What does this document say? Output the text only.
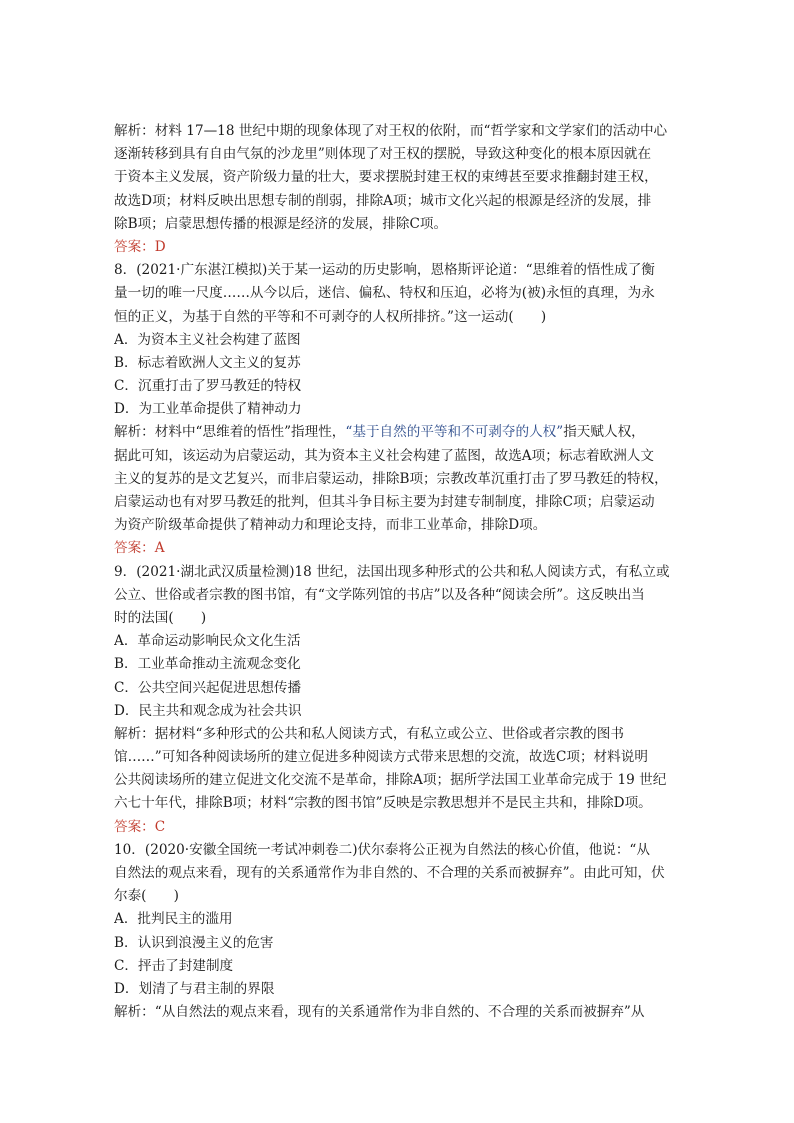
解析：材料 17—18 世纪中期的现象体现了对王权的依附，而“哲学家和文学家们的活动中心
逐渐转移到具有自由气氛的沙龙里”则体现了对王权的摆脱，导致这种变化的根本原因就在
于资本主义发展，资产阶级力量的壮大，要求摆脱封建王权的束缚甚至要求推翻封建王权，
故选D项；材料反映出思想专制的削弱，排除A项；城市文化兴起的根源是经济的发展，排
除B项；启蒙思想传播的根源是经济的发展，排除C项。
答案：D
8．(2021·广东湛江模拟)关于某一运动的历史影响，恩格斯评论道：“思维着的悟性成了衡
量一切的唯一尺度……从今以后，迷信、偏私、特权和压迫，必将为(被)永恒的真理，为永
恒的正义，为基于自然的平等和不可剥夺的人权所排挤。”这一运动(　　)
A．为资本主义社会构建了蓝图
B．标志着欧洲人文主义的复苏
C．沉重打击了罗马教廷的特权
D．为工业革命提供了精神动力
解析：材料中“思维着的悟性”指理性，“基于自然的平等和不可剥夺的人权”指天赋人权，
据此可知，该运动为启蒙运动，其为资本主义社会构建了蓝图，故选A项；标志着欧洲人文
主义的复苏的是文艺复兴，而非启蒙运动，排除B项；宗教改革沉重打击了罗马教廷的特权，
启蒙运动也有对罗马教廷的批判，但其斗争目标主要为封建专制制度，排除C项；启蒙运动
为资产阶级革命提供了精神动力和理论支持，而非工业革命，排除D项。
答案：A
9．(2021·湖北武汉质量检测)18 世纪，法国出现多种形式的公共和私人阅读方式，有私立或
公立、世俗或者宗教的图书馆，有“文学陈列馆的书店”以及各种“阅读会所”。这反映出当
时的法国(　　)
A．革命运动影响民众文化生活
B．工业革命推动主流观念变化
C．公共空间兴起促进思想传播
D．民主共和观念成为社会共识
解析：据材料“多种形式的公共和私人阅读方式，有私立或公立、世俗或者宗教的图书
馆……”可知各种阅读场所的建立促进多种阅读方式带来思想的交流，故选C项；材料说明
公共阅读场所的建立促进文化交流不是革命，排除A项；据所学法国工业革命完成于 19 世纪
六七十年代，排除B项；材料“宗教的图书馆”反映是宗教思想并不是民主共和，排除D项。
答案：C
10．(2020·安徽全国统一考试冲刺卷二)伏尔泰将公正视为自然法的核心价值，他说：“从
自然法的观点来看，现有的关系通常作为非自然的、不合理的关系而被摒弃”。由此可知，伏
尔泰(　　)
A．批判民主的滥用
B．认识到浪漫主义的危害
C．抨击了封建制度
D．划清了与君主制的界限
解析：“从自然法的观点来看，现有的关系通常作为非自然的、不合理的关系而被摒弃”从
